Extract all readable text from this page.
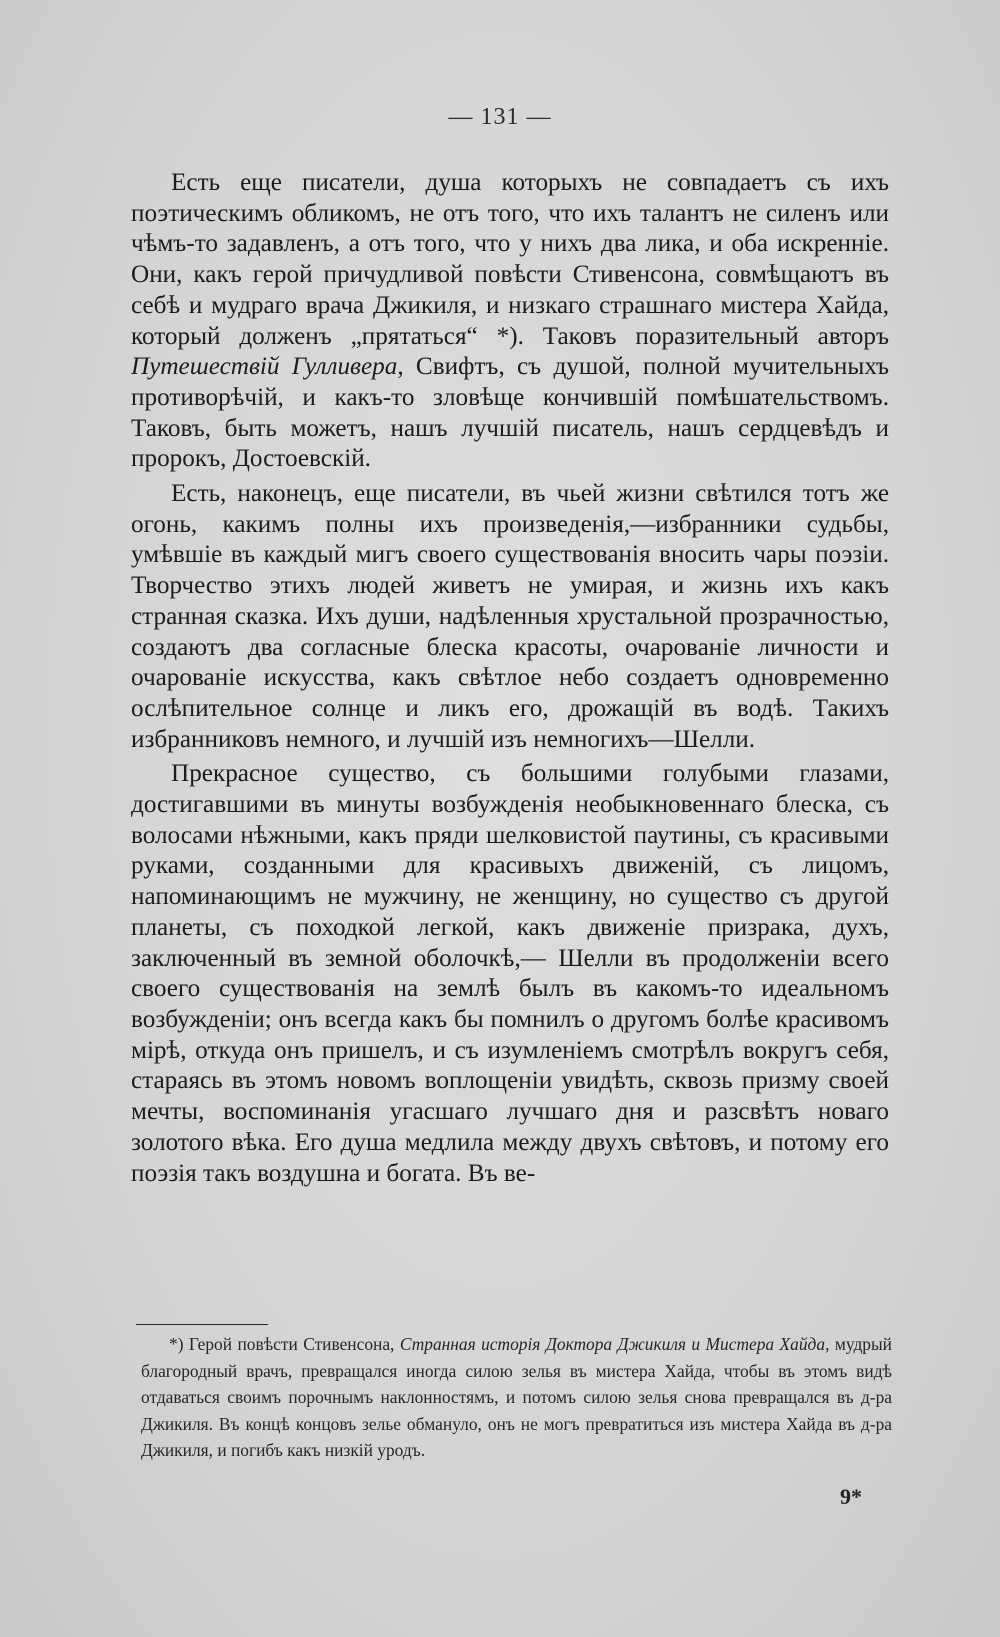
— 131 —

Есть еще писатели, душа которыхъ не совпадаетъ съ ихъ поэтическимъ обликомъ, не отъ того, что ихъ талантъ не силенъ или чѣмъ-то задавленъ, а отъ того, что у нихъ два лика, и оба искренніе. Они, какъ герой причудливой повѣсти Стивенсона, совмѣщаютъ въ себѣ и мудраго врача Джикиля, и низкаго страшнаго мистера Хайда, который долженъ „прятаться“ *). Таковъ поразительный авторъ Путешествій Гулливера, Свифтъ, съ душой, полной мучительныхъ противорѣчій, и какъ-то зловѣще кончившій помѣшательствомъ. Таковъ, быть можетъ, нашъ лучшій писатель, нашъ сердцевѣдъ и пророкъ, Достоевскій.

Есть, наконецъ, еще писатели, въ чьей жизни свѣтился тотъ же огонь, какимъ полны ихъ произведенія,—избранники судьбы, умѣвшіе въ каждый мигъ своего существованія вносить чары поэзіи. Творчество этихъ людей живетъ не умирая, и жизнь ихъ какъ странная сказка. Ихъ души, надѣленныя хрустальной прозрачностью, создаютъ два согласные блеска красоты, очарованіе личности и очарованіе искусства, какъ свѣтлое небо создаетъ одновременно ослѣпительное солнце и ликъ его, дрожащій въ водѣ. Такихъ избранниковъ немного, и лучшій изъ немногихъ—Шелли.

Прекрасное существо, съ большими голубыми глазами, достигавшими въ минуты возбужденія необыкновеннаго блеска, съ волосами нѣжными, какъ пряди шелковистой паутины, съ красивыми руками, созданными для красивыхъ движеній, съ лицомъ, напоминающимъ не мужчину, не женщину, но существо съ другой планеты, съ походкой легкой, какъ движеніе призрака, духъ, заключенный въ земной оболочкѣ,— Шелли въ продолженіи всего своего существованія на землѣ былъ въ какомъ-то идеальномъ возбужденіи; онъ всегда какъ бы помнилъ о другомъ болѣе красивомъ мірѣ, откуда онъ пришелъ, и съ изумленіемъ смотрѣлъ вокругъ себя, стараясь въ этомъ новомъ воплощеніи увидѣть, сквозь призму своей мечты, воспоминанія угасшаго лучшаго дня и разсвѣтъ новаго золотого вѣка. Его душа медлила между двухъ свѣтовъ, и потому его поэзія такъ воздушна и богата. Въ ве-

*) Герой повѣсти Стивенсона, Странная исторія Доктора Джикиля и Мистера Хайда, мудрый благородный врачъ, превращался иногда силою зелья въ мистера Хайда, чтобы въ этомъ видѣ отдаваться своимъ порочнымъ наклонностямъ, и потомъ силою зелья снова превращался въ д-ра Джикиля. Въ концѣ концовъ зелье обмануло, онъ не могъ превратиться изъ мистера Хайда въ д-ра Джикиля, и погибъ какъ низкій уродъ.

9*
